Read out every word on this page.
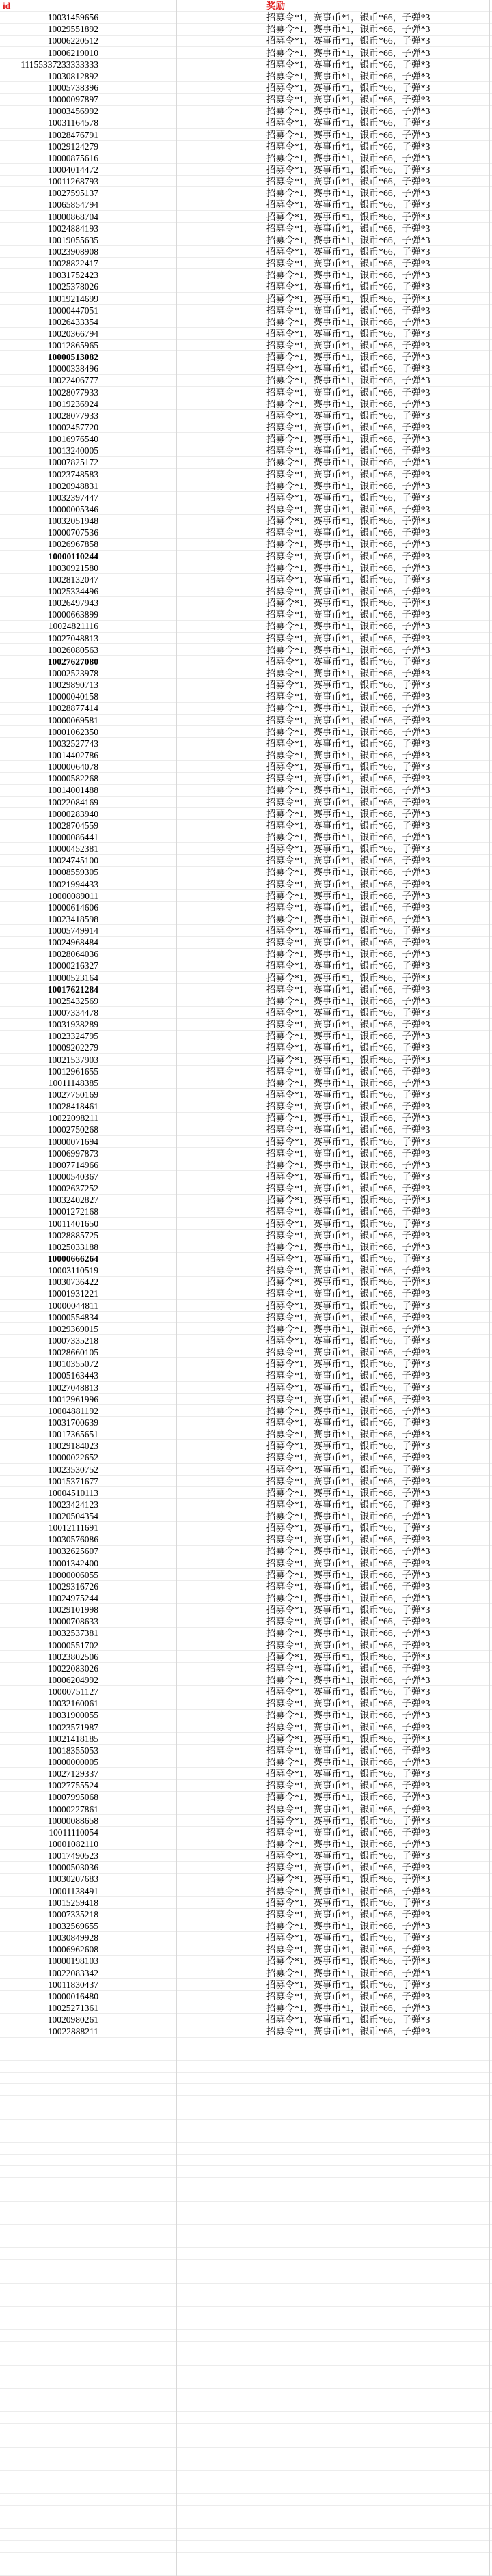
id	奖励
10031459656	招募令*1，赛事币*1，银币*66，子弹*3
10029551892	招募令*1，赛事币*1，银币*66，子弹*3
10006220512	招募令*1，赛事币*1，银币*66，子弹*3
10006219010	招募令*1，赛事币*1，银币*66，子弹*3
11155337233333333	招募令*1，赛事币*1，银币*66，子弹*3
10030812892	招募令*1，赛事币*1，银币*66，子弹*3
10005738396	招募令*1，赛事币*1，银币*66，子弹*3
10000097897	招募令*1，赛事币*1，银币*66，子弹*3
10003456992	招募令*1，赛事币*1，银币*66，子弹*3
10031164578	招募令*1，赛事币*1，银币*66，子弹*3
10028476791	招募令*1，赛事币*1，银币*66，子弹*3
10029124279	招募令*1，赛事币*1，银币*66，子弹*3
10000875616	招募令*1，赛事币*1，银币*66，子弹*3
10004014472	招募令*1，赛事币*1，银币*66，子弹*3
10011268793	招募令*1，赛事币*1，银币*66，子弹*3
10027595137	招募令*1，赛事币*1，银币*66，子弹*3
10065854794	招募令*1，赛事币*1，银币*66，子弹*3
10000868704	招募令*1，赛事币*1，银币*66，子弹*3
10024884193	招募令*1，赛事币*1，银币*66，子弹*3
10019055635	招募令*1，赛事币*1，银币*66，子弹*3
10023908908	招募令*1，赛事币*1，银币*66，子弹*3
10028822417	招募令*1，赛事币*1，银币*66，子弹*3
10031752423	招募令*1，赛事币*1，银币*66，子弹*3
10025378026	招募令*1，赛事币*1，银币*66，子弹*3
10019214699	招募令*1，赛事币*1，银币*66，子弹*3
10000447051	招募令*1，赛事币*1，银币*66，子弹*3
10026433354	招募令*1，赛事币*1，银币*66，子弹*3
10020366794	招募令*1，赛事币*1，银币*66，子弹*3
10012865965	招募令*1，赛事币*1，银币*66，子弹*3
10000513082	招募令*1，赛事币*1，银币*66，子弹*3
10000338496	招募令*1，赛事币*1，银币*66，子弹*3
10022406777	招募令*1，赛事币*1，银币*66，子弹*3
10028077933	招募令*1，赛事币*1，银币*66，子弹*3
10019236924	招募令*1，赛事币*1，银币*66，子弹*3
10028077933	招募令*1，赛事币*1，银币*66，子弹*3
10002457720	招募令*1，赛事币*1，银币*66，子弹*3
10016976540	招募令*1，赛事币*1，银币*66，子弹*3
10013240005	招募令*1，赛事币*1，银币*66，子弹*3
10007825172	招募令*1，赛事币*1，银币*66，子弹*3
10023748583	招募令*1，赛事币*1，银币*66，子弹*3
10020948831	招募令*1，赛事币*1，银币*66，子弹*3
10032397447	招募令*1，赛事币*1，银币*66，子弹*3
10000005346	招募令*1，赛事币*1，银币*66，子弹*3
10032051948	招募令*1，赛事币*1，银币*66，子弹*3
10000707536	招募令*1，赛事币*1，银币*66，子弹*3
10026967858	招募令*1，赛事币*1，银币*66，子弹*3
10000110244	招募令*1，赛事币*1，银币*66，子弹*3
10030921580	招募令*1，赛事币*1，银币*66，子弹*3
10028132047	招募令*1，赛事币*1，银币*66，子弹*3
10025334496	招募令*1，赛事币*1，银币*66，子弹*3
10026497943	招募令*1，赛事币*1，银币*66，子弹*3
10000663899	招募令*1，赛事币*1，银币*66，子弹*3
10024821116	招募令*1，赛事币*1，银币*66，子弹*3
10027048813	招募令*1，赛事币*1，银币*66，子弹*3
10026080563	招募令*1，赛事币*1，银币*66，子弹*3
10027627080	招募令*1，赛事币*1，银币*66，子弹*3
10002523978	招募令*1，赛事币*1，银币*66，子弹*3
10029890713	招募令*1，赛事币*1，银币*66，子弹*3
10000040158	招募令*1，赛事币*1，银币*66，子弹*3
10028877414	招募令*1，赛事币*1，银币*66，子弹*3
10000069581	招募令*1，赛事币*1，银币*66，子弹*3
10001062350	招募令*1，赛事币*1，银币*66，子弹*3
10032527743	招募令*1，赛事币*1，银币*66，子弹*3
10014402786	招募令*1，赛事币*1，银币*66，子弹*3
10000064078	招募令*1，赛事币*1，银币*66，子弹*3
10000582268	招募令*1，赛事币*1，银币*66，子弹*3
10014001488	招募令*1，赛事币*1，银币*66，子弹*3
10022084169	招募令*1，赛事币*1，银币*66，子弹*3
10000283940	招募令*1，赛事币*1，银币*66，子弹*3
10028704559	招募令*1，赛事币*1，银币*66，子弹*3
10000086441	招募令*1，赛事币*1，银币*66，子弹*3
10000452381	招募令*1，赛事币*1，银币*66，子弹*3
10024745100	招募令*1，赛事币*1，银币*66，子弹*3
10008559305	招募令*1，赛事币*1，银币*66，子弹*3
10021994433	招募令*1，赛事币*1，银币*66，子弹*3
10000089011	招募令*1，赛事币*1，银币*66，子弹*3
10000614606	招募令*1，赛事币*1，银币*66，子弹*3
10023418598	招募令*1，赛事币*1，银币*66，子弹*3
10005749914	招募令*1，赛事币*1，银币*66，子弹*3
10024968484	招募令*1，赛事币*1，银币*66，子弹*3
10028064036	招募令*1，赛事币*1，银币*66，子弹*3
10000216327	招募令*1，赛事币*1，银币*66，子弹*3
10000523164	招募令*1，赛事币*1，银币*66，子弹*3
10017621284	招募令*1，赛事币*1，银币*66，子弹*3
10025432569	招募令*1，赛事币*1，银币*66，子弹*3
10007334478	招募令*1，赛事币*1，银币*66，子弹*3
10031938289	招募令*1，赛事币*1，银币*66，子弹*3
10023324795	招募令*1，赛事币*1，银币*66，子弹*3
10009202279	招募令*1，赛事币*1，银币*66，子弹*3
10021537903	招募令*1，赛事币*1，银币*66，子弹*3
10012961655	招募令*1，赛事币*1，银币*66，子弹*3
10011148385	招募令*1，赛事币*1，银币*66，子弹*3
10027750169	招募令*1，赛事币*1，银币*66，子弹*3
10028418461	招募令*1，赛事币*1，银币*66，子弹*3
10022098211	招募令*1，赛事币*1，银币*66，子弹*3
10002750268	招募令*1，赛事币*1，银币*66，子弹*3
10000071694	招募令*1，赛事币*1，银币*66，子弹*3
10006997873	招募令*1，赛事币*1，银币*66，子弹*3
10007714966	招募令*1，赛事币*1，银币*66，子弹*3
10000540367	招募令*1，赛事币*1，银币*66，子弹*3
10002637252	招募令*1，赛事币*1，银币*66，子弹*3
10032402827	招募令*1，赛事币*1，银币*66，子弹*3
10001272168	招募令*1，赛事币*1，银币*66，子弹*3
10011401650	招募令*1，赛事币*1，银币*66，子弹*3
10028885725	招募令*1，赛事币*1，银币*66，子弹*3
10025033188	招募令*1，赛事币*1，银币*66，子弹*3
10000666264	招募令*1，赛事币*1，银币*66，子弹*3
10003110519	招募令*1，赛事币*1，银币*66，子弹*3
10030736422	招募令*1，赛事币*1，银币*66，子弹*3
10001931221	招募令*1，赛事币*1，银币*66，子弹*3
10000044811	招募令*1，赛事币*1，银币*66，子弹*3
10000554834	招募令*1，赛事币*1，银币*66，子弹*3
10029369015	招募令*1，赛事币*1，银币*66，子弹*3
10007335218	招募令*1，赛事币*1，银币*66，子弹*3
10028660105	招募令*1，赛事币*1，银币*66，子弹*3
10010355072	招募令*1，赛事币*1，银币*66，子弹*3
10005163443	招募令*1，赛事币*1，银币*66，子弹*3
10027048813	招募令*1，赛事币*1，银币*66，子弹*3
10012961996	招募令*1，赛事币*1，银币*66，子弹*3
10004881192	招募令*1，赛事币*1，银币*66，子弹*3
10031700639	招募令*1，赛事币*1，银币*66，子弹*3
10017365651	招募令*1，赛事币*1，银币*66，子弹*3
10029184023	招募令*1，赛事币*1，银币*66，子弹*3
10000022652	招募令*1，赛事币*1，银币*66，子弹*3
10023530752	招募令*1，赛事币*1，银币*66，子弹*3
10015371677	招募令*1，赛事币*1，银币*66，子弹*3
10004510113	招募令*1，赛事币*1，银币*66，子弹*3
10023424123	招募令*1，赛事币*1，银币*66，子弹*3
10020504354	招募令*1，赛事币*1，银币*66，子弹*3
10012111691	招募令*1，赛事币*1，银币*66，子弹*3
10030576086	招募令*1，赛事币*1，银币*66，子弹*3
10032625607	招募令*1，赛事币*1，银币*66，子弹*3
10001342400	招募令*1，赛事币*1，银币*66，子弹*3
10000006055	招募令*1，赛事币*1，银币*66，子弹*3
10029316726	招募令*1，赛事币*1，银币*66，子弹*3
10024975244	招募令*1，赛事币*1，银币*66，子弹*3
10029101998	招募令*1，赛事币*1，银币*66，子弹*3
10000708633	招募令*1，赛事币*1，银币*66，子弹*3
10032537381	招募令*1，赛事币*1，银币*66，子弹*3
10000551702	招募令*1，赛事币*1，银币*66，子弹*3
10023802506	招募令*1，赛事币*1，银币*66，子弹*3
10022083026	招募令*1，赛事币*1，银币*66，子弹*3
10006204992	招募令*1，赛事币*1，银币*66，子弹*3
10000751127	招募令*1，赛事币*1，银币*66，子弹*3
10032160061	招募令*1，赛事币*1，银币*66，子弹*3
10031900055	招募令*1，赛事币*1，银币*66，子弹*3
10023571987	招募令*1，赛事币*1，银币*66，子弹*3
10021418185	招募令*1，赛事币*1，银币*66，子弹*3
10018355053	招募令*1，赛事币*1，银币*66，子弹*3
10000000005	招募令*1，赛事币*1，银币*66，子弹*3
10027129337	招募令*1，赛事币*1，银币*66，子弹*3
10027755524	招募令*1，赛事币*1，银币*66，子弹*3
10007995068	招募令*1，赛事币*1，银币*66，子弹*3
10000227861	招募令*1，赛事币*1，银币*66，子弹*3
10000088658	招募令*1，赛事币*1，银币*66，子弹*3
10011110054	招募令*1，赛事币*1，银币*66，子弹*3
10001082110	招募令*1，赛事币*1，银币*66，子弹*3
10017490523	招募令*1，赛事币*1，银币*66，子弹*3
10000503036	招募令*1，赛事币*1，银币*66，子弹*3
10030207683	招募令*1，赛事币*1，银币*66，子弹*3
10001138491	招募令*1，赛事币*1，银币*66，子弹*3
10015259418	招募令*1，赛事币*1，银币*66，子弹*3
10007335218	招募令*1，赛事币*1，银币*66，子弹*3
10032569655	招募令*1，赛事币*1，银币*66，子弹*3
10030849928	招募令*1，赛事币*1，银币*66，子弹*3
10006962608	招募令*1，赛事币*1，银币*66，子弹*3
10000198103	招募令*1，赛事币*1，银币*66，子弹*3
10022083342	招募令*1，赛事币*1，银币*66，子弹*3
10011830437	招募令*1，赛事币*1，银币*66，子弹*3
10000016480	招募令*1，赛事币*1，银币*66，子弹*3
10025271361	招募令*1，赛事币*1，银币*66，子弹*3
10020980261	招募令*1，赛事币*1，银币*66，子弹*3
10022888211	招募令*1，赛事币*1，银币*66，子弹*3
